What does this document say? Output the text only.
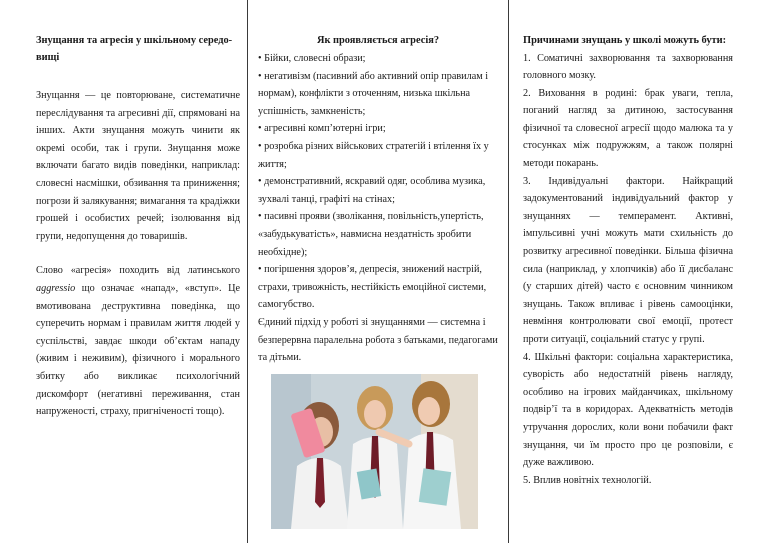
Знущання та агресія у шкільному середо-вищі

Знущання — це повторюване, систематичне переслідування та агресивні дії, спрямовані на інших. Акти знущання можуть чинити як окремі особи, так і групи. Знущання може включати багато видів поведінки, наприклад: словесні насмішки, обзивання та приниження; погрози й залякування; вимагання та крадіжки грошей і особистих речей; ізолювання від групи, недопущення до товаришів.

Слово «агресія» походить від латинського aggressio що означає «напад», «вступ». Це вмотивована деструктивна поведінка, що суперечить нормам і правилам життя людей у суспільстві, завдає шкоди об’єктам нападу (живим і неживим), фізичного і морального збитку або викликає психологічний дискомфорт (негативні переживання, стан напруженості, страху, пригніченості тощо).

Як проявляється агресія?

• Бійки, словесні образи;

• негативізм (пасивний або активний опір правилам і нормам), конфлікти з оточенням, низька шкільна успішність, замкненість;

• агресивні комп’ютерні ігри;

• розробка різних військових стратегій і втілення їх у життя;

• демонстративний, яскравий одяг, особлива музика, зухвалі танці, графіті на стінах;

• пасивні прояви (зволікання, повільність,упертість, «забудькуватість», навмисна нездатність зробити необхідне);

• погіршення здоров’я, депресія, знижений настрій, страхи, тривожність, нестійкість емоційної системи, самогубство.

Єдиний підхід у роботі зі знущаннями — системна і безперервна паралельна робота з батьками, педагогами та дітьми.

Причинами знущань у школі можуть бути:

1. Соматичні захворювання та захворювання головного мозку.

2. Виховання в родині: брак уваги, тепла, поганий нагляд за дитиною, застосування фізичної та словесної агресії щодо малюка та у стосунках між подружжям, а також полярні методи покарань.

3. Індивідуальні фактори. Найкращий задокументований індивідуальний фактор у знущаннях — темперамент. Активні, імпульсивні учні можуть мати схильність до розвитку агресивної поведінки. Більша фізична сила (наприклад, у хлопчиків) або її дисбаланс (у старших дітей) часто є основним чинником знущань. Також впливає і рівень самооцінки, невміння контролювати свої емоції, протест проти ситуації, соціальний статус у групі.

4. Шкільні фактори: соціальна характеристика, суворість або недостатній рівень нагляду, особливо на ігрових майданчиках, шкільному подвір’ї та в коридорах. Адекватність методів утручання дорослих, коли вони побачили факт знущання, чи їм просто про це розповіли, є дуже важливою.

5. Вплив новітніх технологій.
